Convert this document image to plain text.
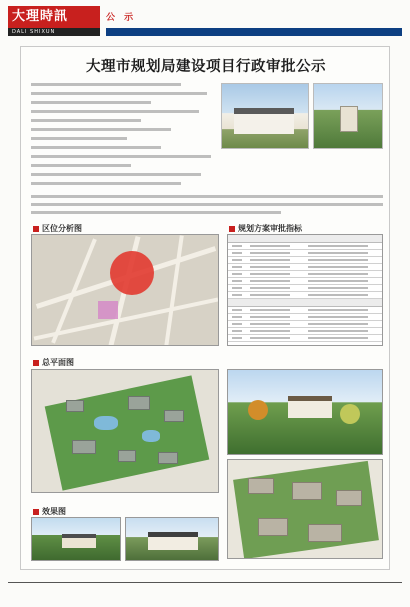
大理時訊
DALI SHIXUN
公 示
大理市规划局建设项目行政审批公示
区位分析图	规划方案审批指标
总平面图
效果图
